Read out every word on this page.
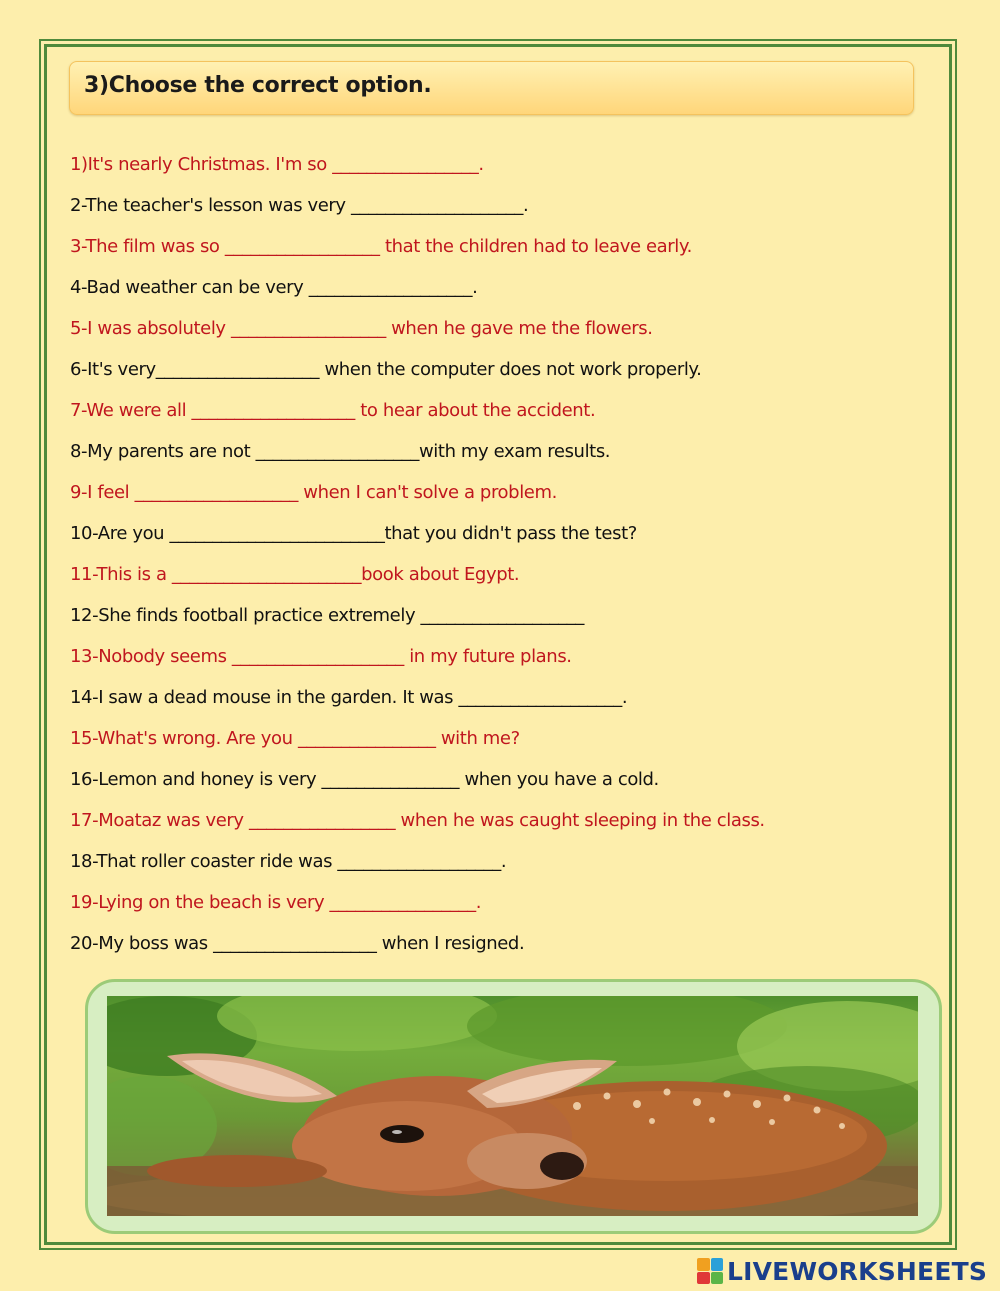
3)Choose the correct option.
1)It's nearly Christmas. I'm so _________________.
2-The teacher's lesson was very ____________________.
3-The film was so __________________ that the children had to leave early.
4-Bad weather can be very ___________________.
5-I was absolutely __________________ when he gave me the flowers.
6-It's very___________________ when the computer does not work properly.
7-We were all ___________________ to hear about the accident.
8-My parents are not ___________________with my exam results.
9-I feel ___________________ when I can't solve a problem.
10-Are you _________________________that you didn't pass the test?
11-This is a ______________________book about Egypt.
12-She finds football practice extremely ___________________
13-Nobody seems ____________________ in my future plans.
14-I saw a dead mouse in the garden. It was ___________________.
15-What's wrong. Are you ________________ with me?
16-Lemon and honey is very ________________ when you have a cold.
17-Moataz was very _________________ when he was caught sleeping in the class.
18-That roller coaster ride was ___________________.
19-Lying on the beach is very _________________.
20-My boss was ___________________ when I resigned.
LIVEWORKSHEETS
